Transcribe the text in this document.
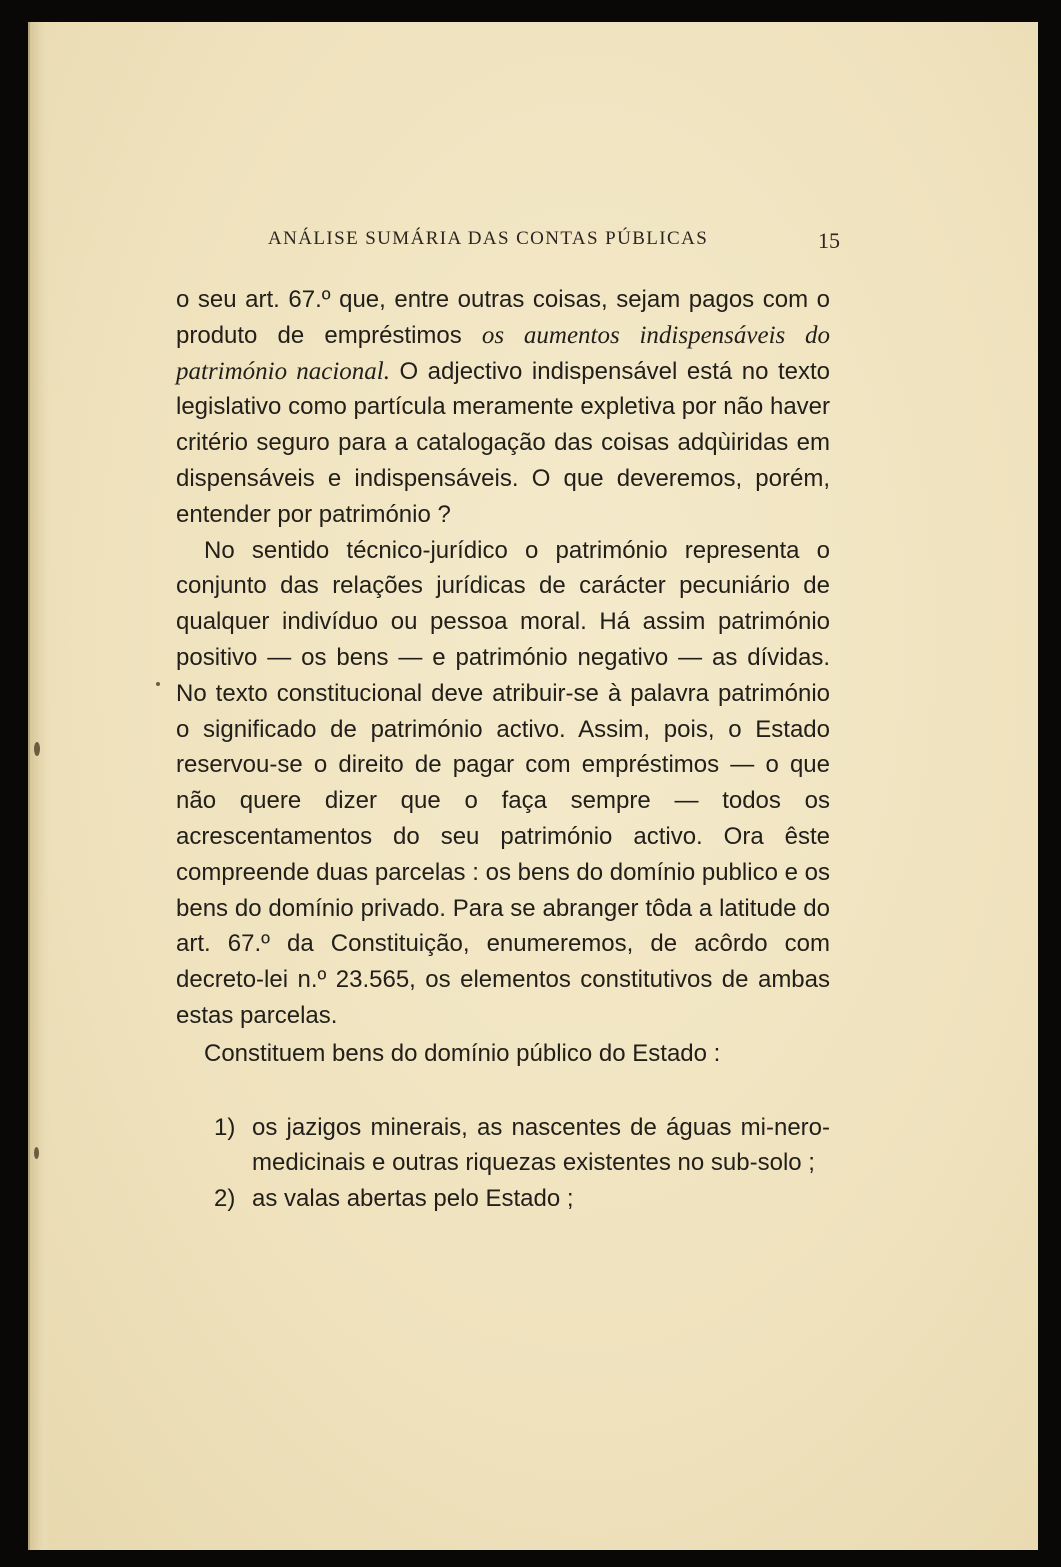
ANÁLISE SUMÁRIA DAS CONTAS PÚBLICAS	15

o seu art. 67.º que, entre outras coisas, sejam pagos com o produto de empréstimos os aumentos indispensáveis do património nacional. O adjectivo indispensável está no texto legislativo como partícula meramente expletiva por não haver critério seguro para a catalogação das coisas adqùiridas em dispensáveis e indispensáveis. O que deveremos, porém, entender por património ?

No sentido técnico-jurídico o património representa o conjunto das relações jurídicas de carácter pecuniário de qualquer indivíduo ou pessoa moral. Há assim património positivo — os bens — e património negativo — as dívidas. No texto constitucional deve atribuir-se à palavra património o significado de património activo. Assim, pois, o Estado reservou-se o direito de pagar com empréstimos — o que não quere dizer que o faça sempre — todos os acrescentamentos do seu património activo. Ora êste compreende duas parcelas : os bens do domínio publico e os bens do domínio privado. Para se abranger tôda a latitude do art. 67.º da Constituição, enumeremos, de acôrdo com decreto-lei n.º 23.565, os elementos constitutivos de ambas estas parcelas.

Constituem bens do domínio público do Estado :

1) os jazigos minerais, as nascentes de águas mi-nero-medicinais e outras riquezas existentes no sub-solo ;
2) as valas abertas pelo Estado ;
